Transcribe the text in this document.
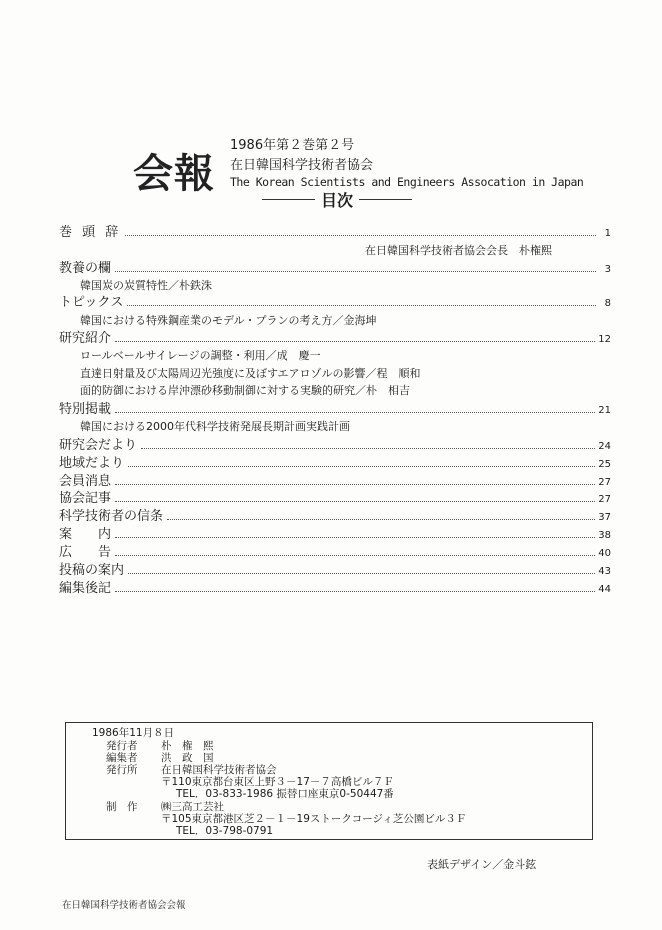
会報
1986年第２巻第２号
在日韓国科学技術者協会
The Korean Scientists and Engineers Assocation in Japan
目次
巻 頭 辞	1
在日韓国科学技術者協会会長　朴権熙
教養の欄	3
韓国炭の炭質特性／朴鉄洙
トピックス	8
韓国における特殊鋼産業のモデル・プランの考え方／金海坤
研究紹介	12
ロールベールサイレージの調整・利用／成　慶一
直達日射量及び太陽周辺光強度に及ぼすエアロゾルの影響／程　順和
面的防御における岸沖漂砂移動制御に対する実験的研究／朴　相吉
特別掲載	21
韓国における2000年代科学技術発展長期計画実践計画
研究会だより	24
地域だより	25
会員消息	27
協会記事	27
科学技術者の信条	37
案　　内	38
広　　告	40
投稿の案内	43
編集後記	44
1986年11月８日
発行者 朴　権　熙
編集者 洪　政　国
発行所 在日韓国科学技術者協会
〒110東京都台東区上野３－17－７高橋ビル７Ｆ
TEL．03-833-1986 振替口座東京0-50447番
制　作 ㈱三高工芸社
〒105東京都港区芝２－１－19ストークコージィ芝公園ビル３Ｆ
TEL．03-798-0791
表紙デザイン／金斗鉉
在日韓国科学技術者協会会報
